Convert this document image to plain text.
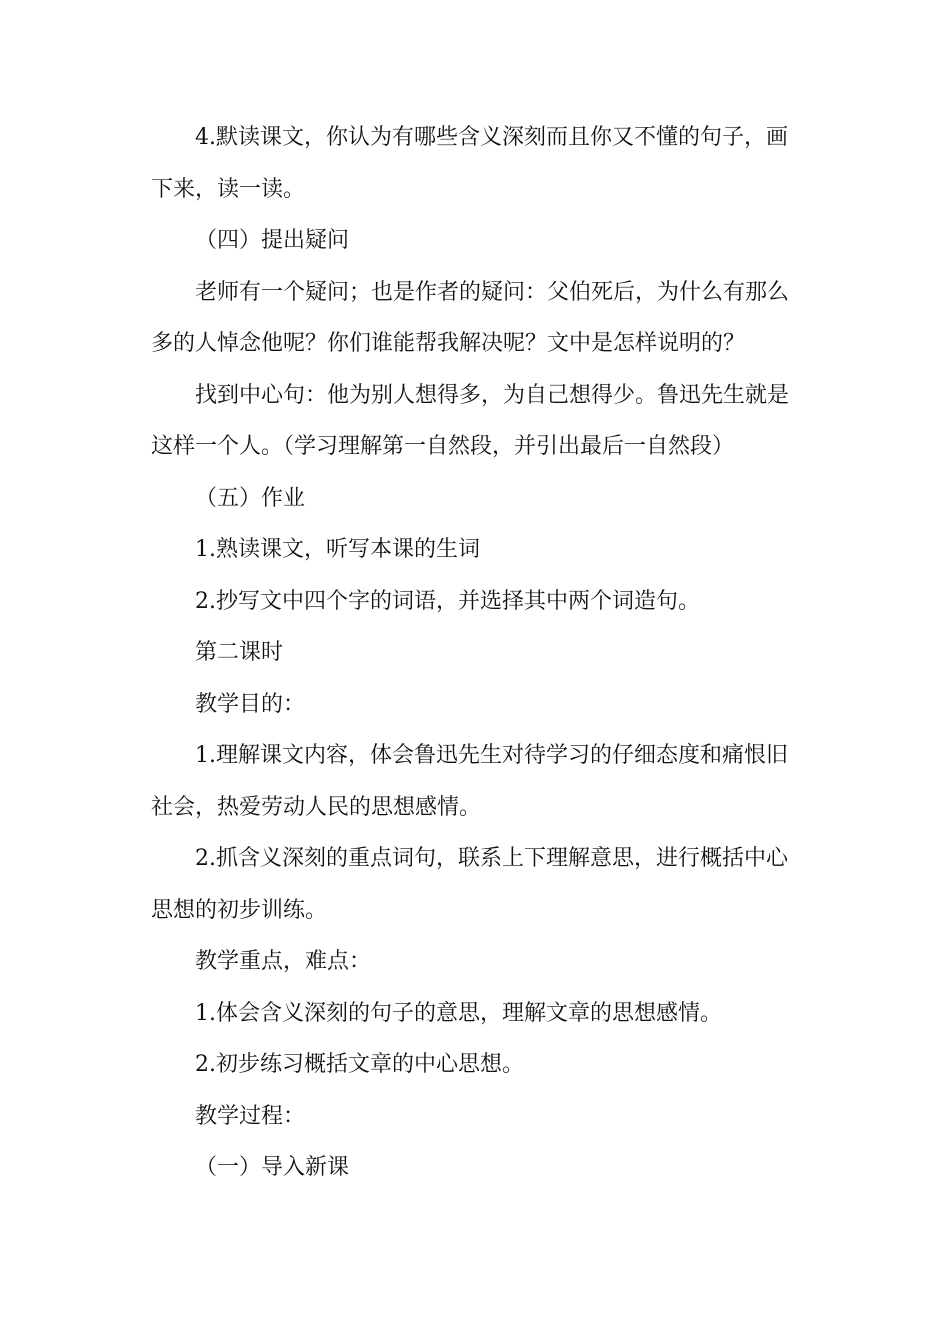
4.默读课文，你认为有哪些含义深刻而且你又不懂的句子，画下来，读一读。

（四）提出疑问

老师有一个疑问；也是作者的疑问：父伯死后，为什么有那么多的人悼念他呢？你们谁能帮我解决呢？文中是怎样说明的？

找到中心句：他为别人想得多，为自己想得少。鲁迅先生就是这样一个人。（学习理解第一自然段，并引出最后一自然段）

（五）作业

1.熟读课文，听写本课的生词

2.抄写文中四个字的词语，并选择其中两个词造句。

第二课时

教学目的：

1.理解课文内容，体会鲁迅先生对待学习的仔细态度和痛恨旧社会，热爱劳动人民的思想感情。

2.抓含义深刻的重点词句，联系上下理解意思，进行概括中心思想的初步训练。

教学重点，难点：

1.体会含义深刻的句子的意思，理解文章的思想感情。

2.初步练习概括文章的中心思想。

教学过程：

（一）导入新课
